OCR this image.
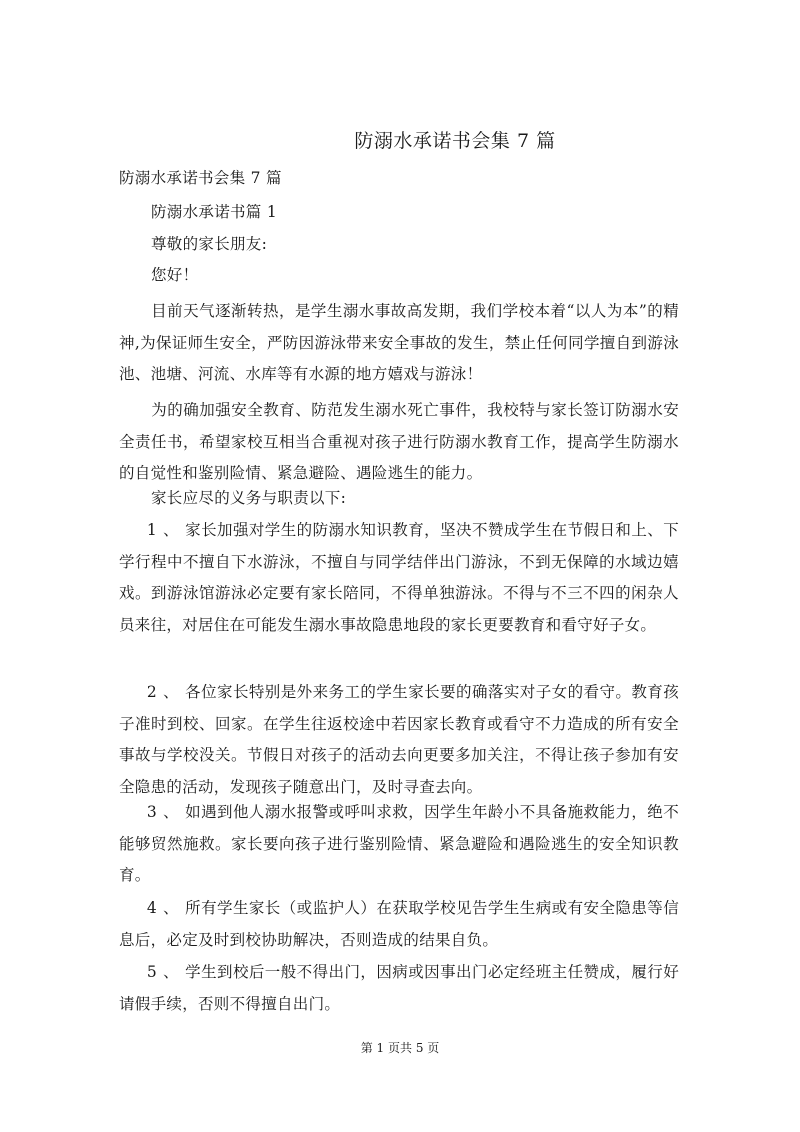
防溺水承诺书会集 7 篇
防溺水承诺书会集 7 篇
防溺水承诺书篇 1
尊敬的家长朋友:
您好！
目前天气逐渐转热，是学生溺水事故高发期，我们学校本着“以人为本”的精神,为保证师生安全，严防因游泳带来安全事故的发生，禁止任何同学擅自到游泳池、池塘、河流、水库等有水源的地方嬉戏与游泳！
为的确加强安全教育、防范发生溺水死亡事件，我校特与家长签订防溺水安全责任书，希望家校互相当合重视对孩子进行防溺水教育工作，提高学生防溺水的自觉性和鉴别险情、紧急避险、遇险逃生的能力。
家长应尽的义务与职责以下:
1 、 家长加强对学生的防溺水知识教育，坚决不赞成学生在节假日和上、下学行程中不擅自下水游泳，不擅自与同学结伴出门游泳，不到无保障的水域边嬉戏。到游泳馆游泳必定要有家长陪同，不得单独游泳。不得与不三不四的闲杂人员来往，对居住在可能发生溺水事故隐患地段的家长更要教育和看守好子女。
2 、 各位家长特别是外来务工的学生家长要的确落实对子女的看守。教育孩子准时到校、回家。在学生往返校途中若因家长教育或看守不力造成的所有安全事故与学校没关。节假日对孩子的活动去向更要多加关注，不得让孩子参加有安全隐患的活动，发现孩子随意出门，及时寻查去向。
3 、 如遇到他人溺水报警或呼叫求救，因学生年龄小不具备施救能力，绝不能够贸然施救。家长要向孩子进行鉴别险情、紧急避险和遇险逃生的安全知识教育。
4 、 所有学生家长（或监护人）在获取学校见告学生生病或有安全隐患等信息后，必定及时到校协助解决，否则造成的结果自负。
5 、 学生到校后一般不得出门，因病或因事出门必定经班主任赞成，履行好请假手续，否则不得擅自出门。
第 1 页共 5 页
